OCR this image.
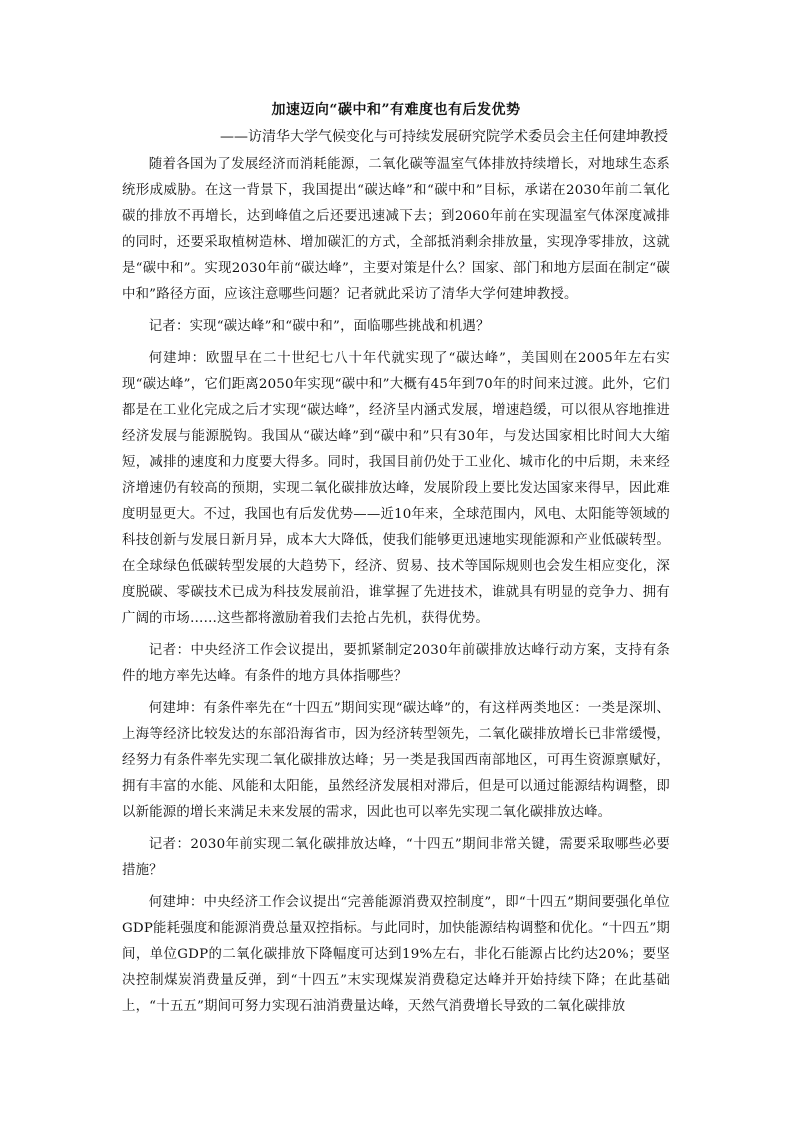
加速迈向“碳中和”有难度也有后发优势
——访清华大学气候变化与可持续发展研究院学术委员会主任何建坤教授

随着各国为了发展经济而消耗能源，二氧化碳等温室气体排放持续增长，对地球生态系统形成威胁。在这一背景下，我国提出“碳达峰”和“碳中和”目标，承诺在2030年前二氧化碳的排放不再增长，达到峰值之后还要迅速减下去；到2060年前在实现温室气体深度减排的同时，还要采取植树造林、增加碳汇的方式，全部抵消剩余排放量，实现净零排放，这就是“碳中和”。实现2030年前“碳达峰”，主要对策是什么？国家、部门和地方层面在制定“碳中和”路径方面，应该注意哪些问题？记者就此采访了清华大学何建坤教授。

记者：实现“碳达峰”和“碳中和”，面临哪些挑战和机遇？

何建坤：欧盟早在二十世纪七八十年代就实现了“碳达峰”，美国则在2005年左右实现“碳达峰”，它们距离2050年实现“碳中和”大概有45年到70年的时间来过渡。此外，它们都是在工业化完成之后才实现“碳达峰”，经济呈内涵式发展，增速趋缓，可以很从容地推进经济发展与能源脱钩。我国从“碳达峰”到“碳中和”只有30年，与发达国家相比时间大大缩短，减排的速度和力度要大得多。同时，我国目前仍处于工业化、城市化的中后期，未来经济增速仍有较高的预期，实现二氧化碳排放达峰，发展阶段上要比发达国家来得早，因此难度明显更大。不过，我国也有后发优势——近10年来，全球范围内，风电、太阳能等领域的科技创新与发展日新月异，成本大大降低，使我们能够更迅速地实现能源和产业低碳转型。在全球绿色低碳转型发展的大趋势下，经济、贸易、技术等国际规则也会发生相应变化，深度脱碳、零碳技术已成为科技发展前沿，谁掌握了先进技术，谁就具有明显的竞争力、拥有广阔的市场……这些都将激励着我们去抢占先机，获得优势。

记者：中央经济工作会议提出，要抓紧制定2030年前碳排放达峰行动方案，支持有条件的地方率先达峰。有条件的地方具体指哪些？

何建坤：有条件率先在“十四五”期间实现“碳达峰”的，有这样两类地区：一类是深圳、上海等经济比较发达的东部沿海省市，因为经济转型领先，二氧化碳排放增长已非常缓慢，经努力有条件率先实现二氧化碳排放达峰；另一类是我国西南部地区，可再生资源禀赋好，拥有丰富的水能、风能和太阳能，虽然经济发展相对滞后，但是可以通过能源结构调整，即以新能源的增长来满足未来发展的需求，因此也可以率先实现二氧化碳排放达峰。

记者：2030年前实现二氧化碳排放达峰，“十四五”期间非常关键，需要采取哪些必要措施？

何建坤：中央经济工作会议提出“完善能源消费双控制度”，即“十四五”期间要强化单位GDP能耗强度和能源消费总量双控指标。与此同时，加快能源结构调整和优化。“十四五”期间，单位GDP的二氧化碳排放下降幅度可达到19%左右，非化石能源占比约达20%；要坚决控制煤炭消费量反弹，到“十四五”末实现煤炭消费稳定达峰并开始持续下降；在此基础上，“十五五”期间可努力实现石油消费量达峰，天然气消费增长导致的二氧化碳排放
